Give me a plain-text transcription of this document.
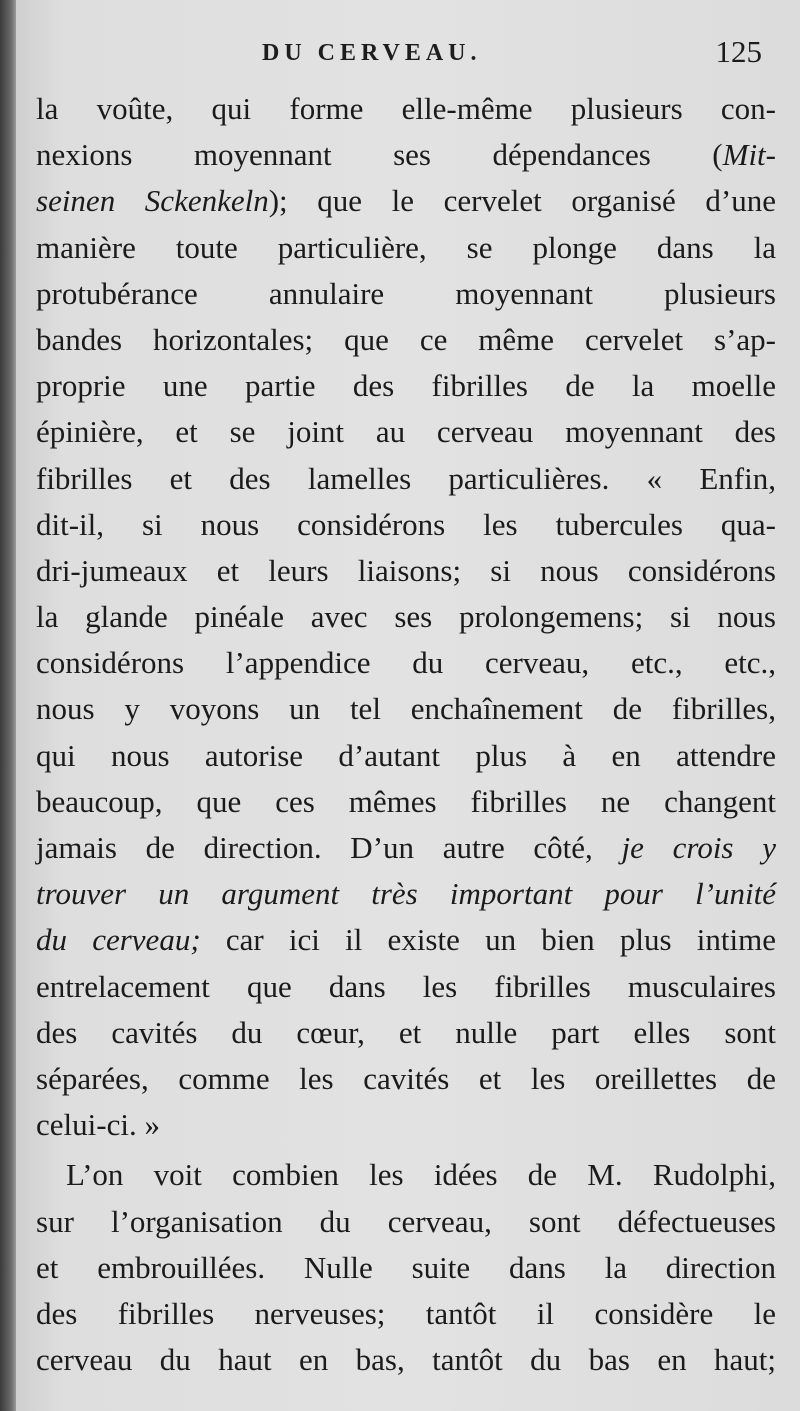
DU CERVEAU.	125
la voûte, qui forme elle-même plusieurs con-
nexions moyennant ses dépendances (Mit-
seinen Sckenkeln); que le cervelet organisé d’une
manière toute particulière, se plonge dans la
protubérance annulaire moyennant plusieurs
bandes horizontales; que ce même cervelet s’ap-
proprie une partie des fibrilles de la moelle
épinière, et se joint au cerveau moyennant des
fibrilles et des lamelles particulières. « Enfin,
dit-il, si nous considérons les tubercules qua-
dri-jumeaux et leurs liaisons; si nous considérons
la glande pinéale avec ses prolongemens; si nous
considérons l’appendice du cerveau, etc., etc.,
nous y voyons un tel enchaînement de fibrilles,
qui nous autorise d’autant plus à en attendre
beaucoup, que ces mêmes fibrilles ne changent
jamais de direction. D’un autre côté, je crois y
trouver un argument très important pour l’unité
du cerveau; car ici il existe un bien plus intime
entrelacement que dans les fibrilles musculaires
des cavités du cœur, et nulle part elles sont
séparées, comme les cavités et les oreillettes de
celui-ci. »
L’on voit combien les idées de M. Rudolphi,
sur l’organisation du cerveau, sont défectueuses
et embrouillées. Nulle suite dans la direction
des fibrilles nerveuses; tantôt il considère le
cerveau du haut en bas, tantôt du bas en haut;
